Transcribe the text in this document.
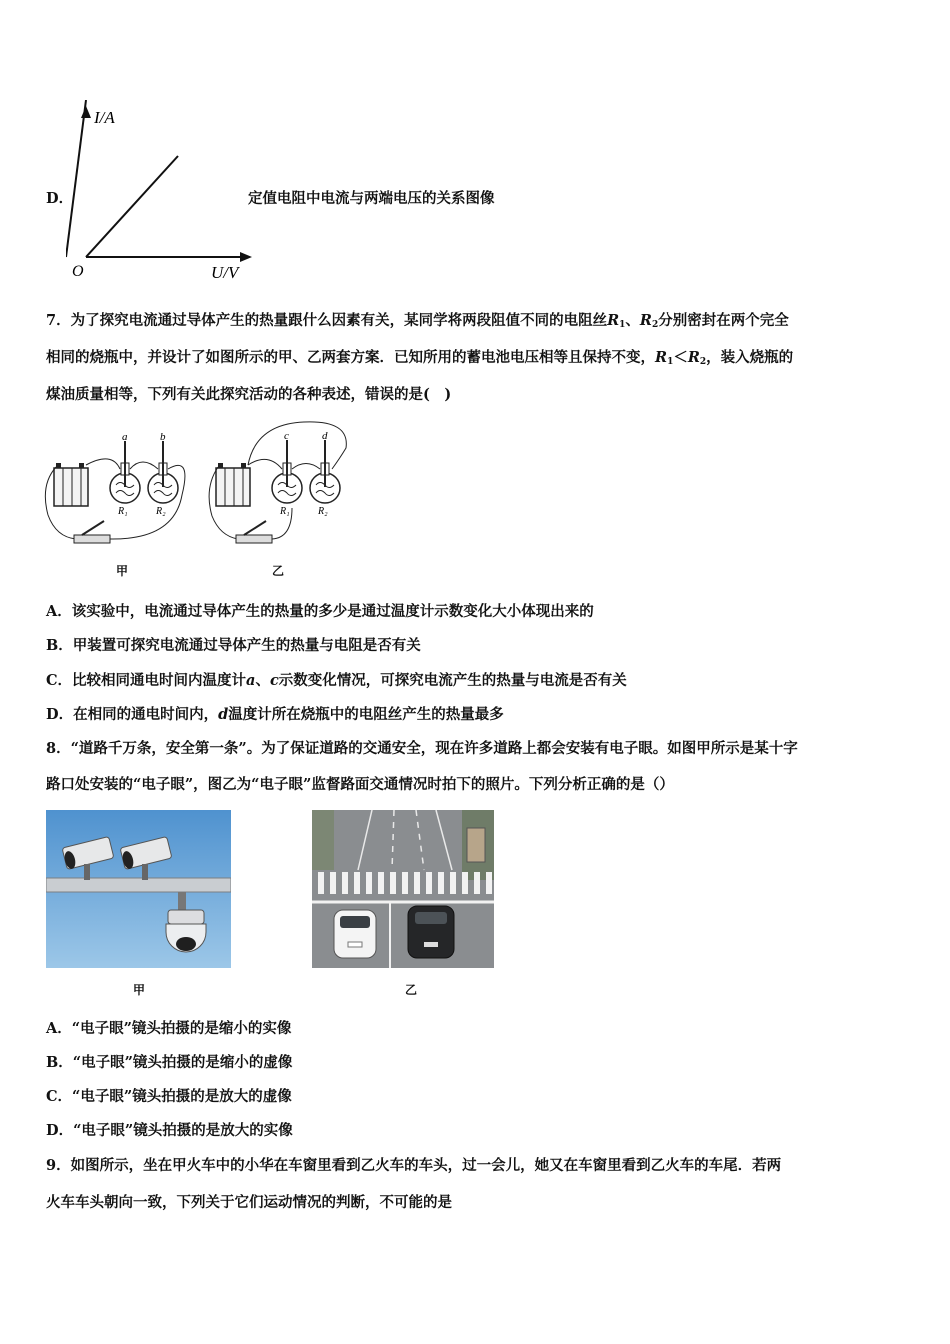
D．
I/A
U/V
O
定值电阻中电流与两端电压的关系图像
7．为了探究电流通过导体产生的热量跟什么因素有关，某同学将两段阻值不同的电阻丝$R_1$、$R_2$分别密封在两个完全
相同的烧瓶中，并设计了如图所示的甲、乙两套方案．已知所用的蓄电池电压相等且保持不变，$R_1<R_2$，装入烧瓶的
煤油质量相等，下列有关此探究活动的各种表述，错误的是(　)
a	b
R₁	R₂
甲
c	d
R₁	R₂
乙
A．该实验中，电流通过导体产生的热量的多少是通过温度计示数变化大小体现出来的
B．甲装置可探究电流通过导体产生的热量与电阻是否有关
C．比较相同通电时间内温度计a、c示数变化情况，可探究电流产生的热量与电流是否有关
D．在相同的通电时间内，d温度计所在烧瓶中的电阻丝产生的热量最多
8．“道路千万条，安全第一条”。为了保证道路的交通安全，现在许多道路上都会安装有电子眼。如图甲所示是某十字
路口处安装的“电子眼”，图乙为“电子眼”监督路面交通情况时拍下的照片。下列分析正确的是（）
甲	乙
A．“电子眼”镜头拍摄的是缩小的实像
B．“电子眼”镜头拍摄的是缩小的虚像
C．“电子眼”镜头拍摄的是放大的虚像
D．“电子眼”镜头拍摄的是放大的实像
9．如图所示，坐在甲火车中的小华在车窗里看到乙火车的车头，过一会儿，她又在车窗里看到乙火车的车尾．若两
火车车头朝向一致，下列关于它们运动情况的判断，不可能的是
